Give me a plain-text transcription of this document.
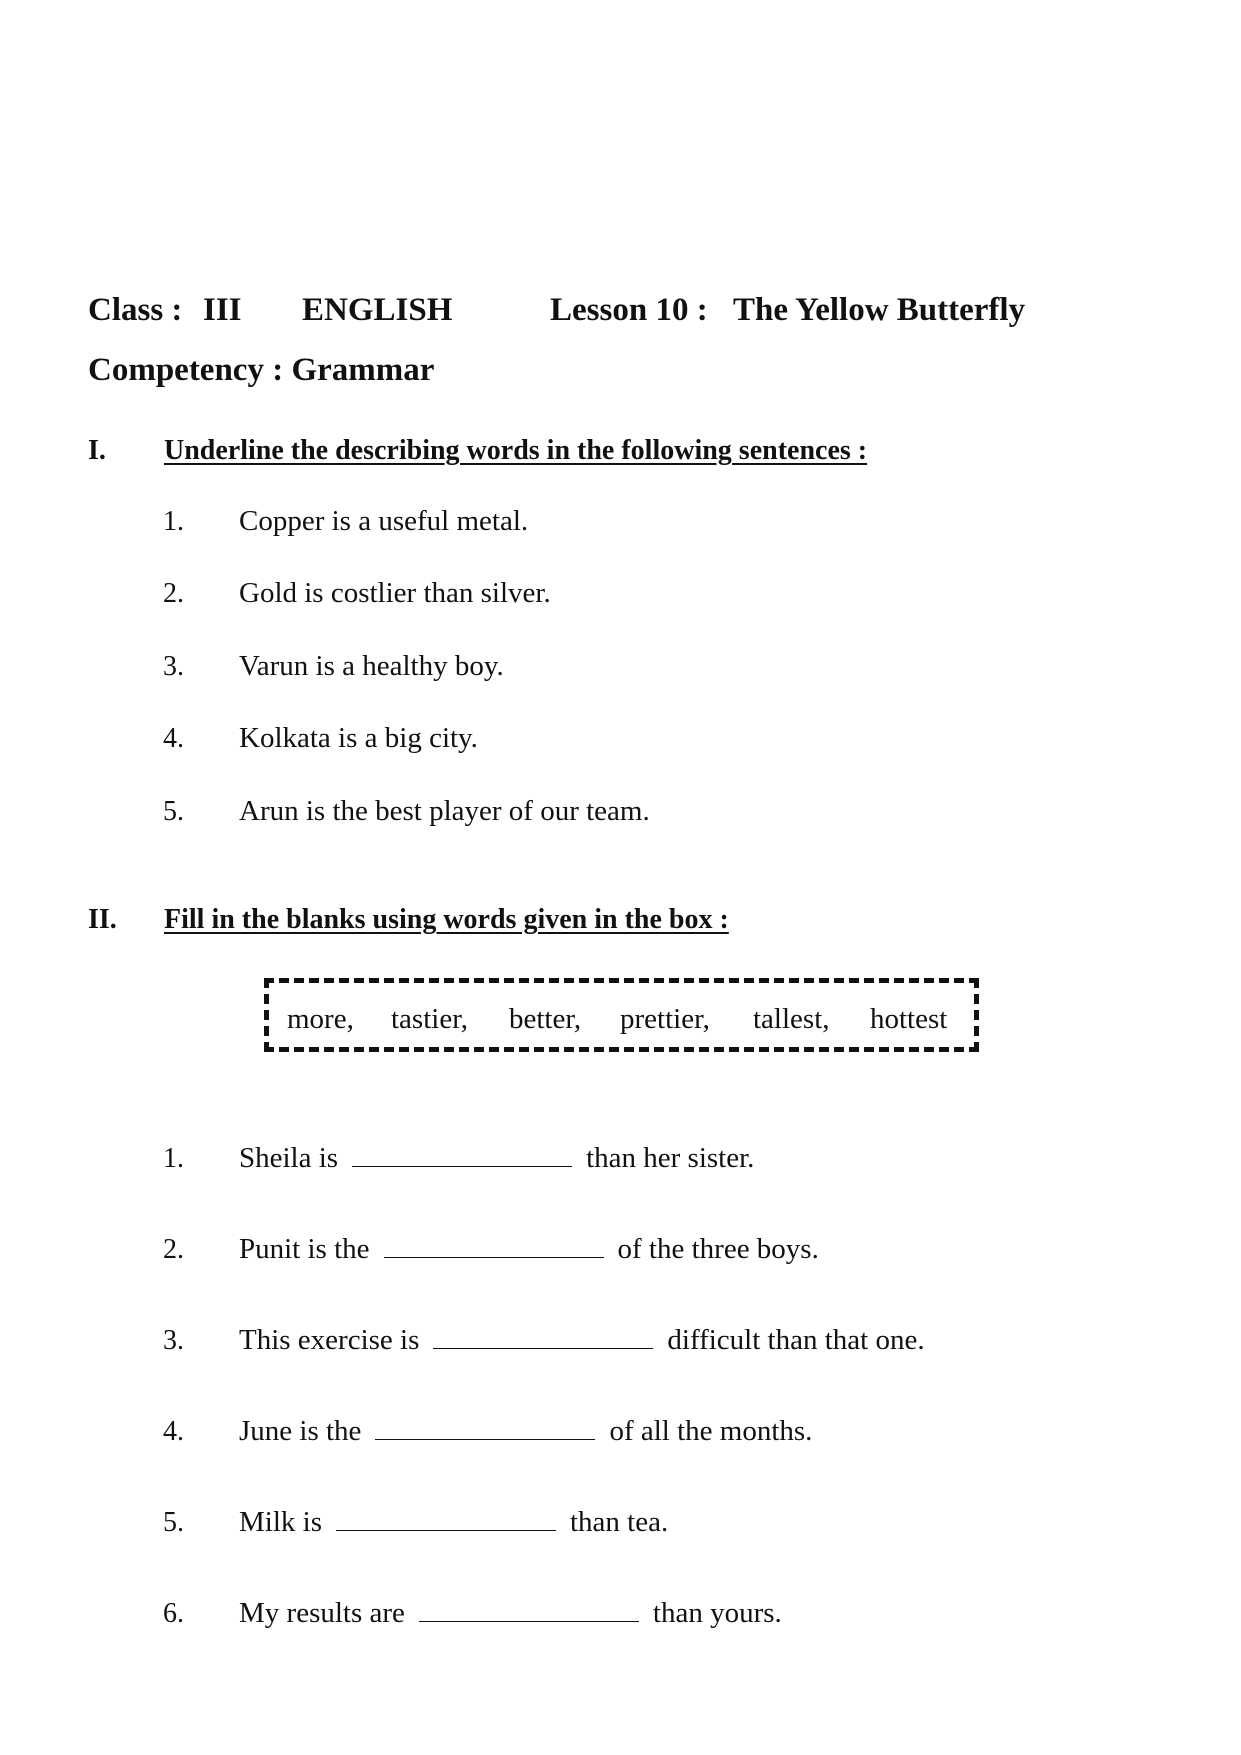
Class : III ENGLISH	Lesson 10 : The Yellow Butterfly
Competency : Grammar
I. Underline the describing words in the following sentences :
1. Copper is a useful metal.
2. Gold is costlier than silver.
3. Varun is a healthy boy.
4. Kolkata is a big city.
5. Arun is the best player of our team.
II. Fill in the blanks using words given in the box :
more, tastier, better, prettier, tallest, hottest
1. Sheila is	than her sister.
2. Punit is the	of the three boys.
3. This exercise is	difficult than that one.
4. June is the	of all the months.
5. Milk is	than tea.
6. My results are	than yours.
